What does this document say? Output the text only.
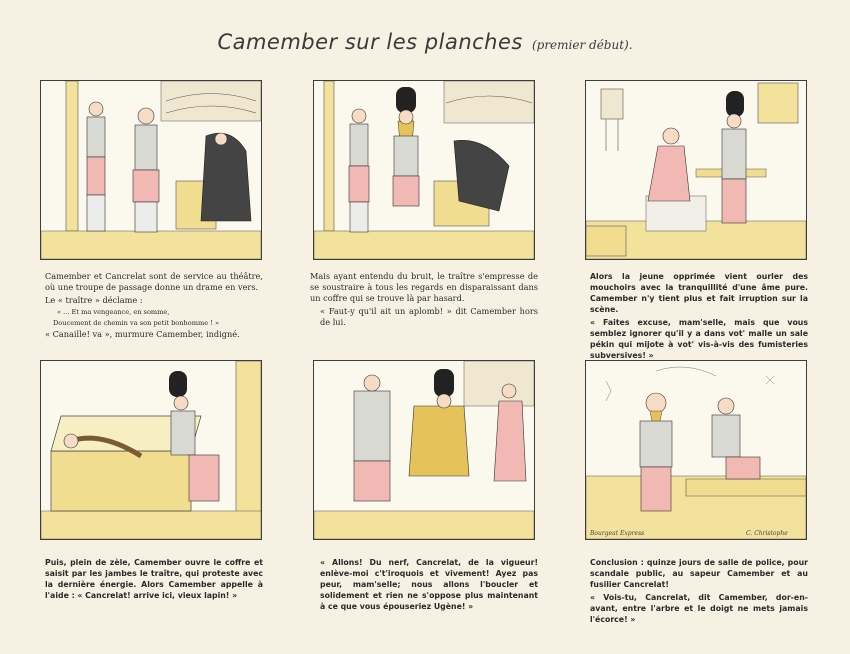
Camember sur les planches (premier début).
Bourgeat Express	C. Christophe

Camember et Cancrelat sont de service au théâtre, où une troupe de passage donne un drame en vers.

Le « traître » déclame :

« ... Et ma vengeance, en somme,

Doucement de chemin va son petit bonhomme ! »

« Canaille! va », murmure Camember, indigné.

Mais ayant entendu du bruit, le traître s'empresse de se soustraire à tous les regards en disparaissant dans un coffre qui se trouve là par hasard.

« Faut-y qu'il ait un aplomb! » dit Camember hors de lui.

Alors la jeune opprimée vient ourler des mouchoirs avec la tranquillité d'une âme pure. Camember n'y tient plus et fait irruption sur la scène.

« Faites excuse, mam'selle, mais que vous semblez ignorer qu'il y a dans vot' malle un sale pékin qui mijote à vot' vis-à-vis des fumisteries subversives! »

Puis, plein de zèle, Camember ouvre le coffre et saisit par les jambes le traître, qui proteste avec la dernière énergie. Alors Camember appelle à l'aide : « Cancrelat! arrive ici, vieux lapin! »

« Allons! Du nerf, Cancrelat, de la vigueur! enlève-moi c't'iroquois et vivement! Ayez pas peur, mam'selle; nous allons l'boucler et solidement et rien ne s'oppose plus maintenant à ce que vous épouseriez Ugène! »

Conclusion : quinze jours de salle de police, pour scandale public, au sapeur Camember et au fusilier Cancrelat!

« Vois-tu, Cancrelat, dit Camember, dor-en-avant, entre l'arbre et le doigt ne mets jamais l'écorce! »
